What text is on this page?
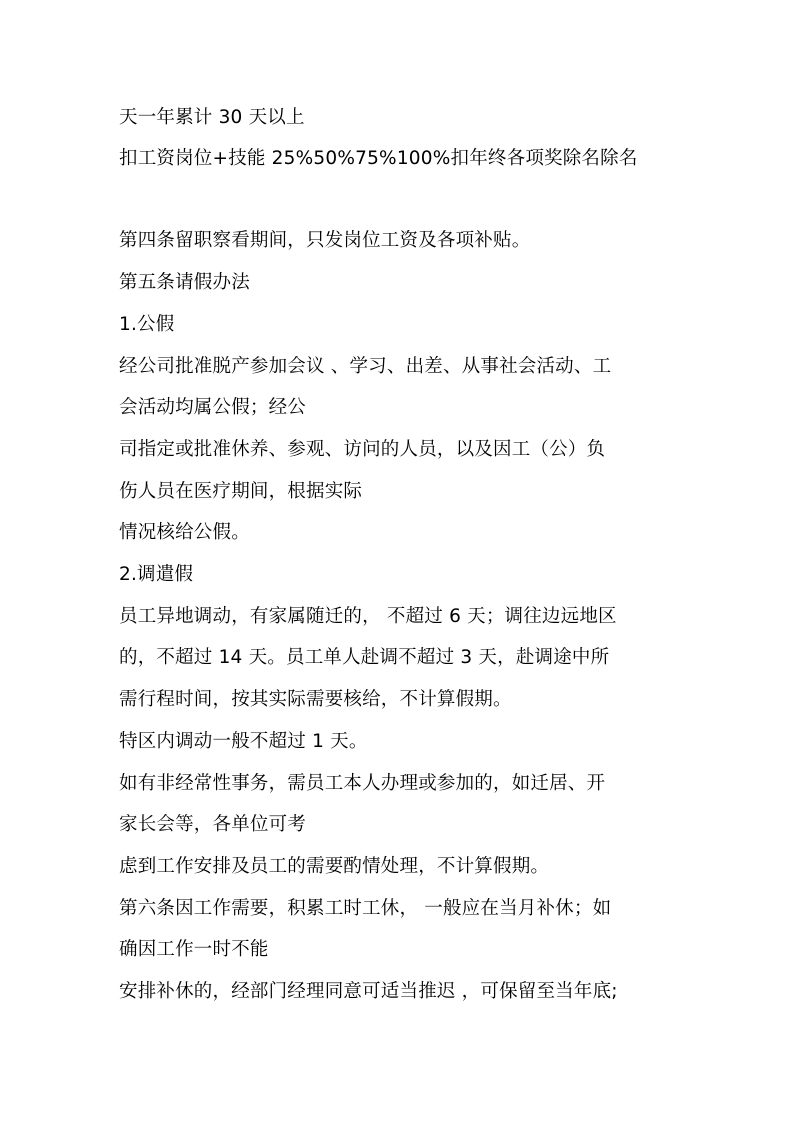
天一年累计 30 天以上
扣工资岗位+技能 25%50%75%100%扣年终各项奖除名除名
第四条留职察看期间，只发岗位工资及各项补贴。
第五条请假办法
1.公假
经公司批准脱产参加会议 、学习、出差、从事社会活动、工
会活动均属公假；经公
司指定或批准休养、参观、访问的人员，以及因工（公）负
伤人员在医疗期间，根据实际
情况核给公假。
2.调遣假
员工异地调动，有家属随迁的， 不超过 6 天；调往边远地区
的，不超过 14 天。员工单人赴调不超过 3 天，赴调途中所
需行程时间，按其实际需要核给，不计算假期。
特区内调动一般不超过 1 天。
如有非经常性事务，需员工本人办理或参加的，如迁居、开
家长会等，各单位可考
虑到工作安排及员工的需要酌情处理，不计算假期。
第六条因工作需要，积累工时工休， 一般应在当月补休；如
确因工作一时不能
安排补休的，经部门经理同意可适当推迟 ，可保留至当年底;
